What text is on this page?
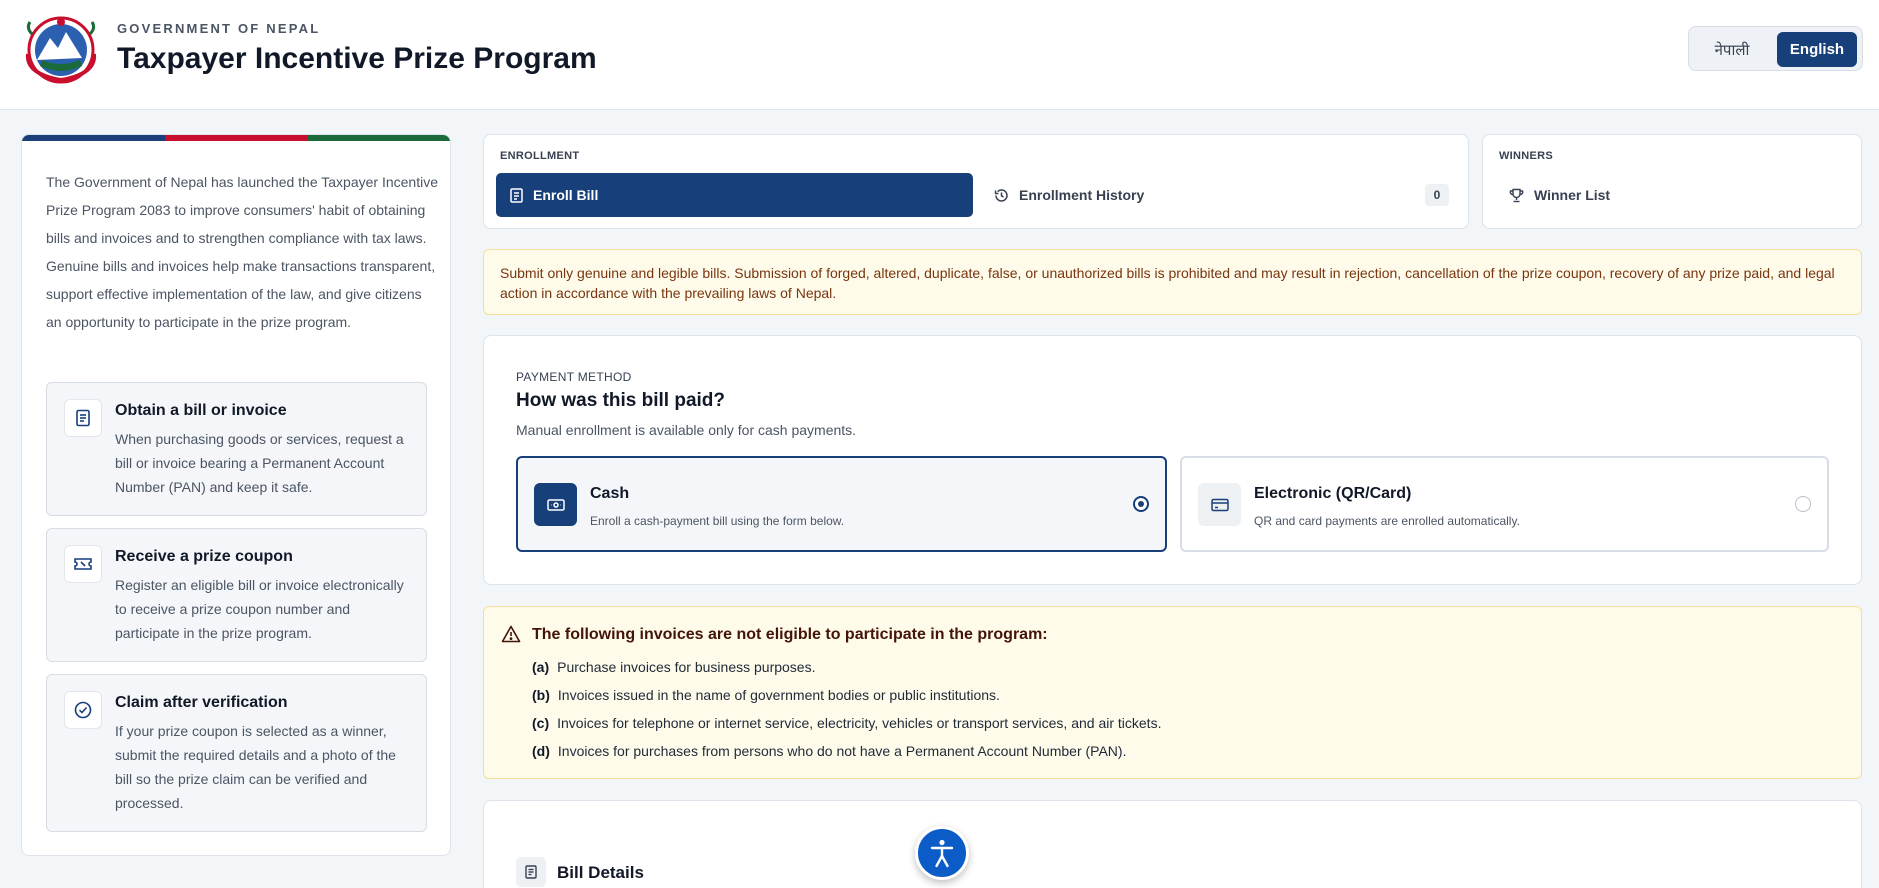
GOVERNMENT OF NEPAL
Taxpayer Incentive Prize Program	नेपाली	English

The Government of Nepal has launched the Taxpayer Incentive Prize Program 2083 to improve consumers' habit of obtaining bills and invoices and to strengthen compliance with tax laws. Genuine bills and invoices help make transactions transparent, support effective implementation of the law, and give citizens an opportunity to participate in the prize program.

Obtain a bill or invoice
When purchasing goods or services, request a bill or invoice bearing a Permanent Account Number (PAN) and keep it safe.
Receive a prize coupon
Register an eligible bill or invoice electronically to receive a prize coupon number and participate in the prize program.
Claim after verification
If your prize coupon is selected as a winner, submit the required details and a photo of the bill so the prize claim can be verified and processed.
ENROLLMENT
Enroll Bill	Enrollment History	0
WINNERS
Winner List
Submit only genuine and legible bills. Submission of forged, altered, duplicate, false, or unauthorized bills is prohibited and may result in rejection, cancellation of the prize coupon, recovery of any prize paid, and legal action in accordance with the prevailing laws of Nepal.
PAYMENT METHOD
How was this bill paid?
Manual enrollment is available only for cash payments.
Cash
Enroll a cash-payment bill using the form below.
Electronic (QR/Card)
QR and card payments are enrolled automatically.
The following invoices are not eligible to participate in the program:
(a) Purchase invoices for business purposes.
(b) Invoices issued in the name of government bodies or public institutions.
(c) Invoices for telephone or internet service, electricity, vehicles or transport services, and air tickets.
(d) Invoices for purchases from persons who do not have a Permanent Account Number (PAN).
Bill Details
